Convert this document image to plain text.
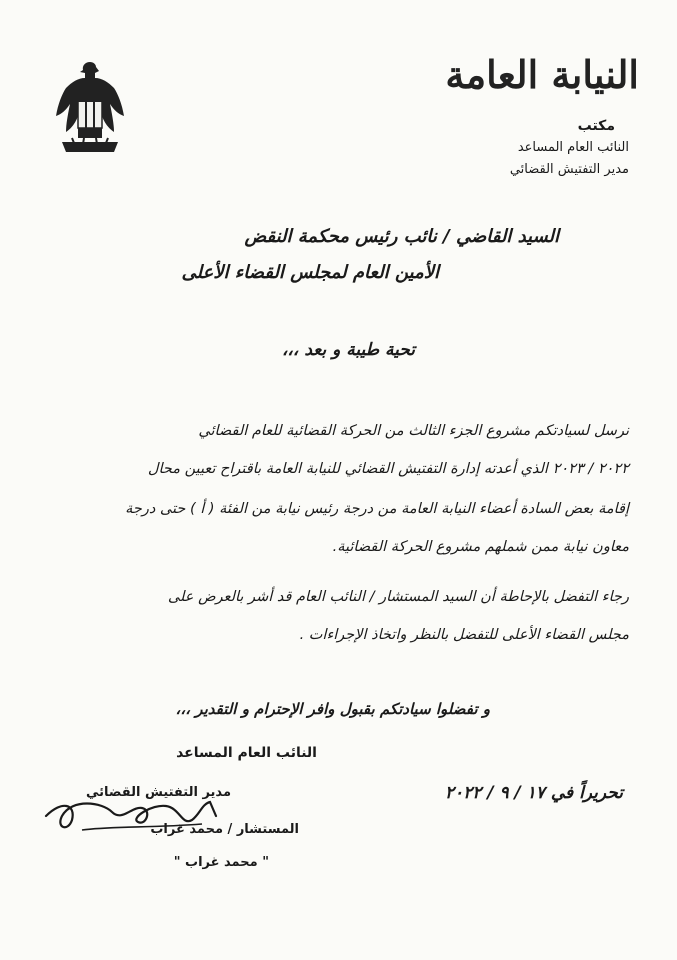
النيابة العامة
مكتب
النائب العام المساعد
مدير التفتيش القضائي
السيد القاضي / نائب رئيس محكمة النقض
الأمين العام لمجلس القضاء الأعلى
تحية طيبة و بعد ،،،
نرسل لسيادتكم مشروع الجزء الثالث من الحركة القضائية للعام القضائي
٢٠٢٢ / ٢٠٢٣ الذي أعدته إدارة التفتيش القضائي للنيابة العامة باقتراح تعيين محال
إقامة بعض السادة أعضاء النيابة العامة من درجة رئيس نيابة من الفئة ( أ ) حتى درجة
معاون نيابة ممن شملهم مشروع الحركة القضائية.
رجاء التفضل بالإحاطة أن السيد المستشار / النائب العام قد أشر بالعرض على
مجلس القضاء الأعلى للتفضل بالنظر واتخاذ الإجراءات .
و تفضلوا سيادتكم بقبول وافر الإحترام و التقدير ،،،
النائب العام المساعد
مدير التفتيش القضائي
المستشار / محمد غراب
" محمد غراب "
تحريراً في ١٧ / ٩ / ٢٠٢٢
